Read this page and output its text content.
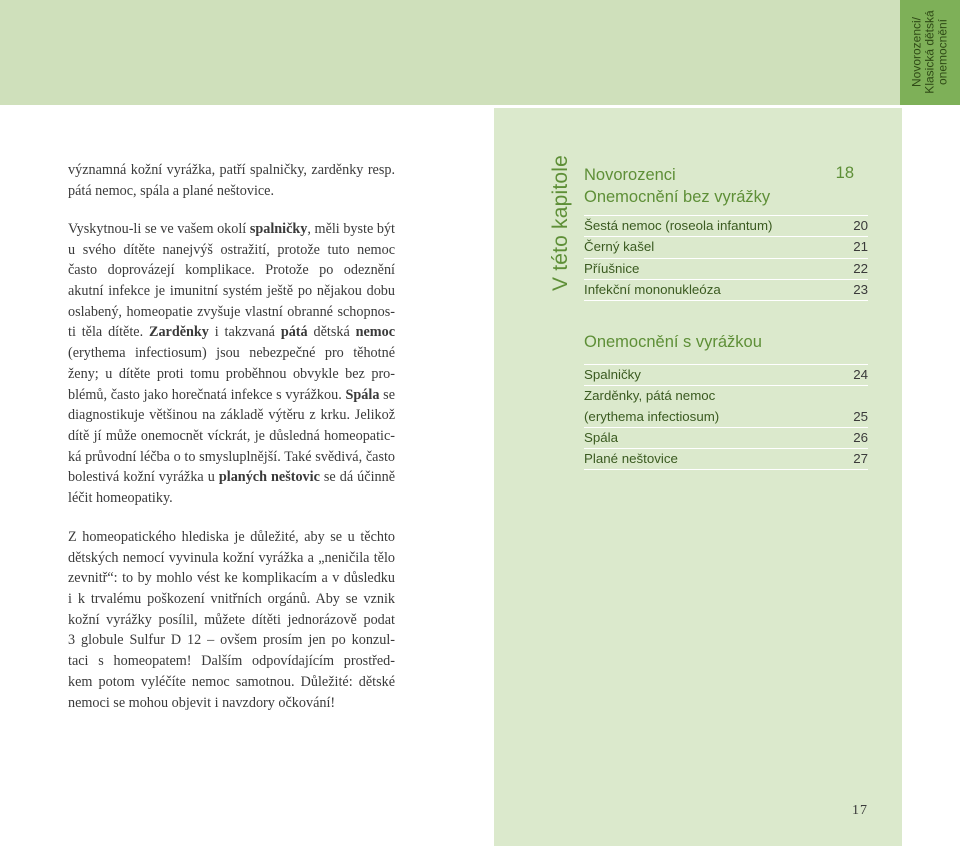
Novorozenci/ Klasická dětská onemocnění
významná kožní vyrážka, patří spalničky, zarděnky resp.
pátá nemoc, spála a plané neštovice.
Vyskytnou-li se ve vašem okolí spalničky, měli byste být
u svého dítěte nanejvýš ostražití, protože tuto nemoc
často doprovázejí komplikace. Protože po odeznění
akutní infekce je imunitní systém ještě po nějakou dobu
oslabený, homeopatie zvyšuje vlastní obranné schopnos-
ti těla dítěte. Zarděnky i takzvaná pátá dětská nemoc
(erythema infectiosum) jsou nebezpečné pro těhotné
ženy; u dítěte proti tomu proběhnou obvykle bez pro-
blémů, často jako horečnatá infekce s vyrážkou. Spála se
diagnostikuje většinou na základě výtěru z krku. Jelikož
dítě jí může onemocnět víckrát, je důsledná homeopatic-
ká průvodní léčba o to smysluplnější. Také svědivá, často
bolestivá kožní vyrážka u planých neštovic se dá účinně
léčit homeopatiky.
Z homeopatického hlediska je důležité, aby se u těchto
dětských nemocí vyvinula kožní vyrážka a „neničila tělo
zevnitř“: to by mohlo vést ke komplikacím a v důsledku
i k trvalému poškození vnitřních orgánů. Aby se vznik
kožní vyrážky posílil, můžete dítěti jednorázově podat
3 globule Sulfur D 12 – ovšem prosím jen po konzul-
taci s homeopatem! Dalším odpovídajícím prostřed-
kem potom vyléčíte nemoc samotnou. Důležité: dětské
nemoci se mohou objevit i navzdory očkování!
V této kapitole Novorozenci	18
Onemocnění bez vyrážky
Šestá nemoc (roseola infantum)	20
Černý kašel	21
Příušnice	22
Infekční mononukleóza	23
Onemocnění s vyrážkou
Spalničky	24
Zarděnky, pátá nemoc
(erythema infectiosum)	25
Spála	26
Plané neštovice	27
17
